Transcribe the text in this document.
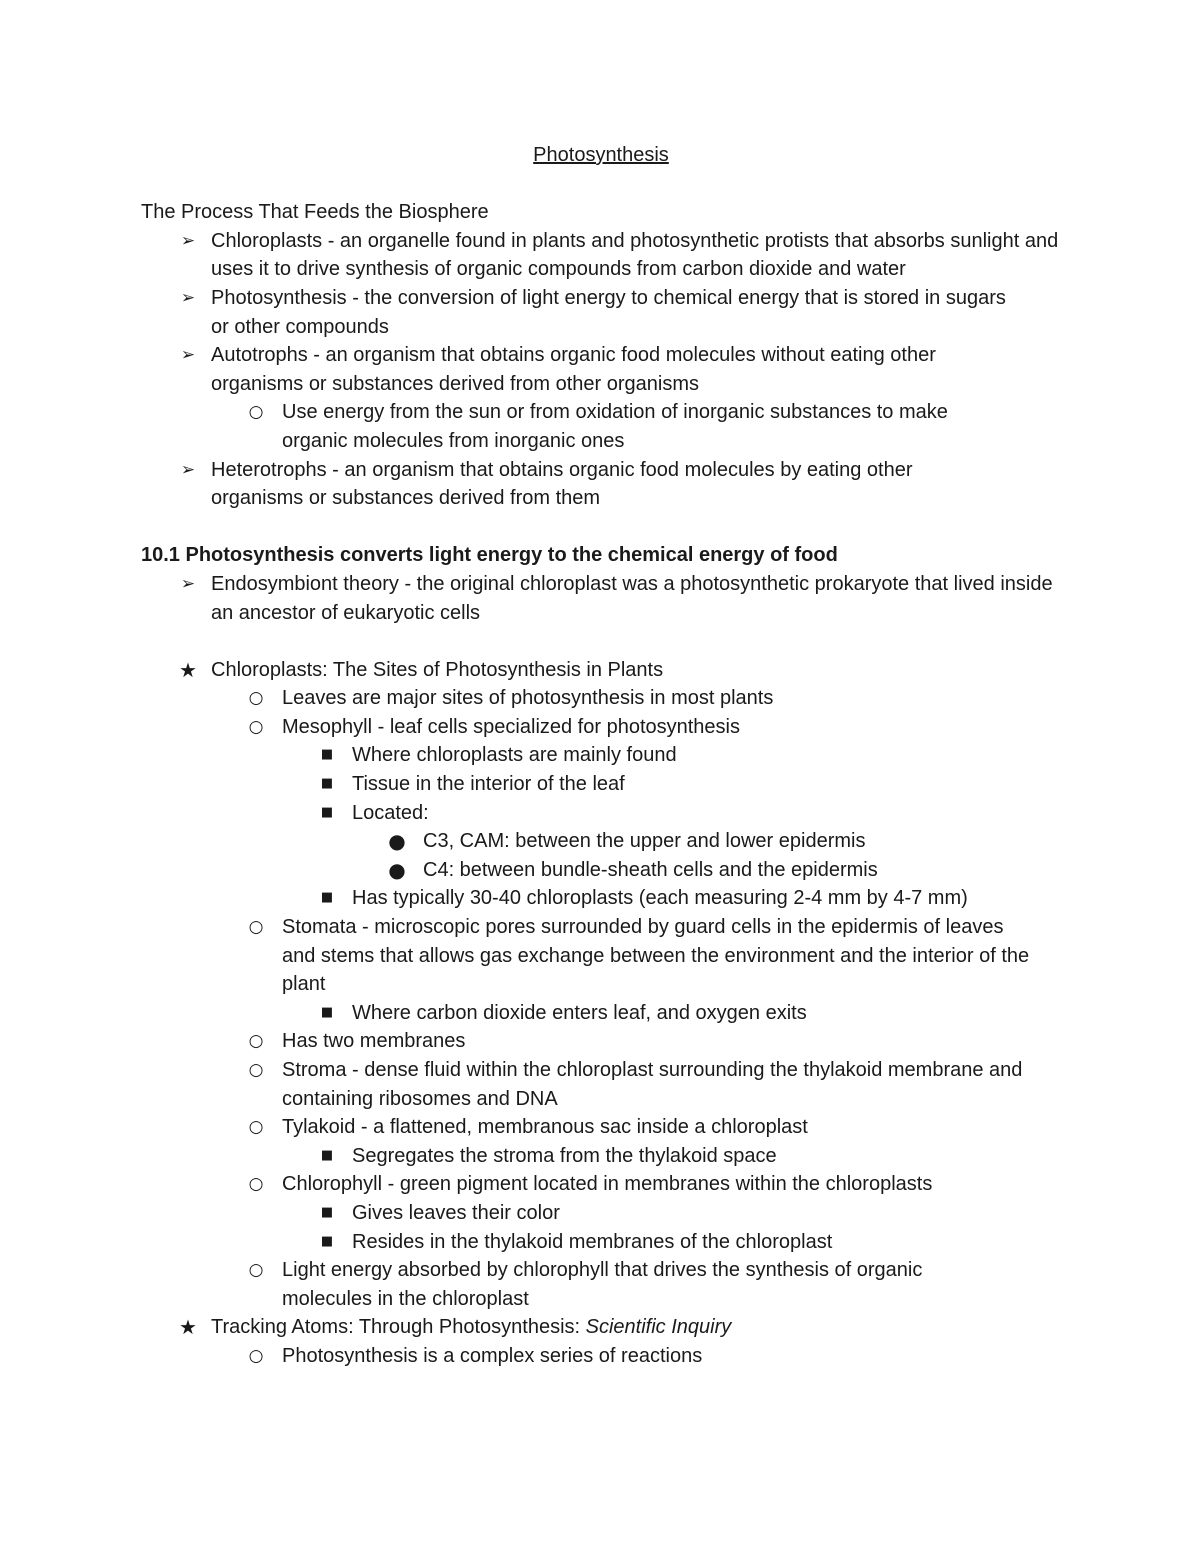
Photosynthesis
The Process That Feeds the Biosphere
➢ Chloroplasts - an organelle found in plants and photosynthetic protists that absorbs sunlight and uses it to drive synthesis of organic compounds from carbon dioxide and water
➢ Photosynthesis - the conversion of light energy to chemical energy that is stored in sugars or other compounds
➢ Autotrophs - an organism that obtains organic food molecules without eating other organisms or substances derived from other organisms
○ Use energy from the sun or from oxidation of inorganic substances to make organic molecules from inorganic ones
➢ Heterotrophs - an organism that obtains organic food molecules by eating other organisms or substances derived from them
10.1 Photosynthesis converts light energy to the chemical energy of food
➢ Endosymbiont theory - the original chloroplast was a photosynthetic prokaryote that lived inside an ancestor of eukaryotic cells
★ Chloroplasts: The Sites of Photosynthesis in Plants
○ Leaves are major sites of photosynthesis in most plants
○ Mesophyll - leaf cells specialized for photosynthesis
■ Where chloroplasts are mainly found
■ Tissue in the interior of the leaf
■ Located:
● C3, CAM: between the upper and lower epidermis
● C4: between bundle-sheath cells and the epidermis
■ Has typically 30-40 chloroplasts (each measuring 2-4 mm by 4-7 mm)
○ Stomata - microscopic pores surrounded by guard cells in the epidermis of leaves and stems that allows gas exchange between the environment and the interior of the plant
■ Where carbon dioxide enters leaf, and oxygen exits
○ Has two membranes
○ Stroma - dense fluid within the chloroplast surrounding the thylakoid membrane and containing ribosomes and DNA
○ Tylakoid - a flattened, membranous sac inside a chloroplast
■ Segregates the stroma from the thylakoid space
○ Chlorophyll - green pigment located in membranes within the chloroplasts
■ Gives leaves their color
■ Resides in the thylakoid membranes of the chloroplast
○ Light energy absorbed by chlorophyll that drives the synthesis of organic molecules in the chloroplast
★ Tracking Atoms: Through Photosynthesis: Scientific Inquiry
○ Photosynthesis is a complex series of reactions
